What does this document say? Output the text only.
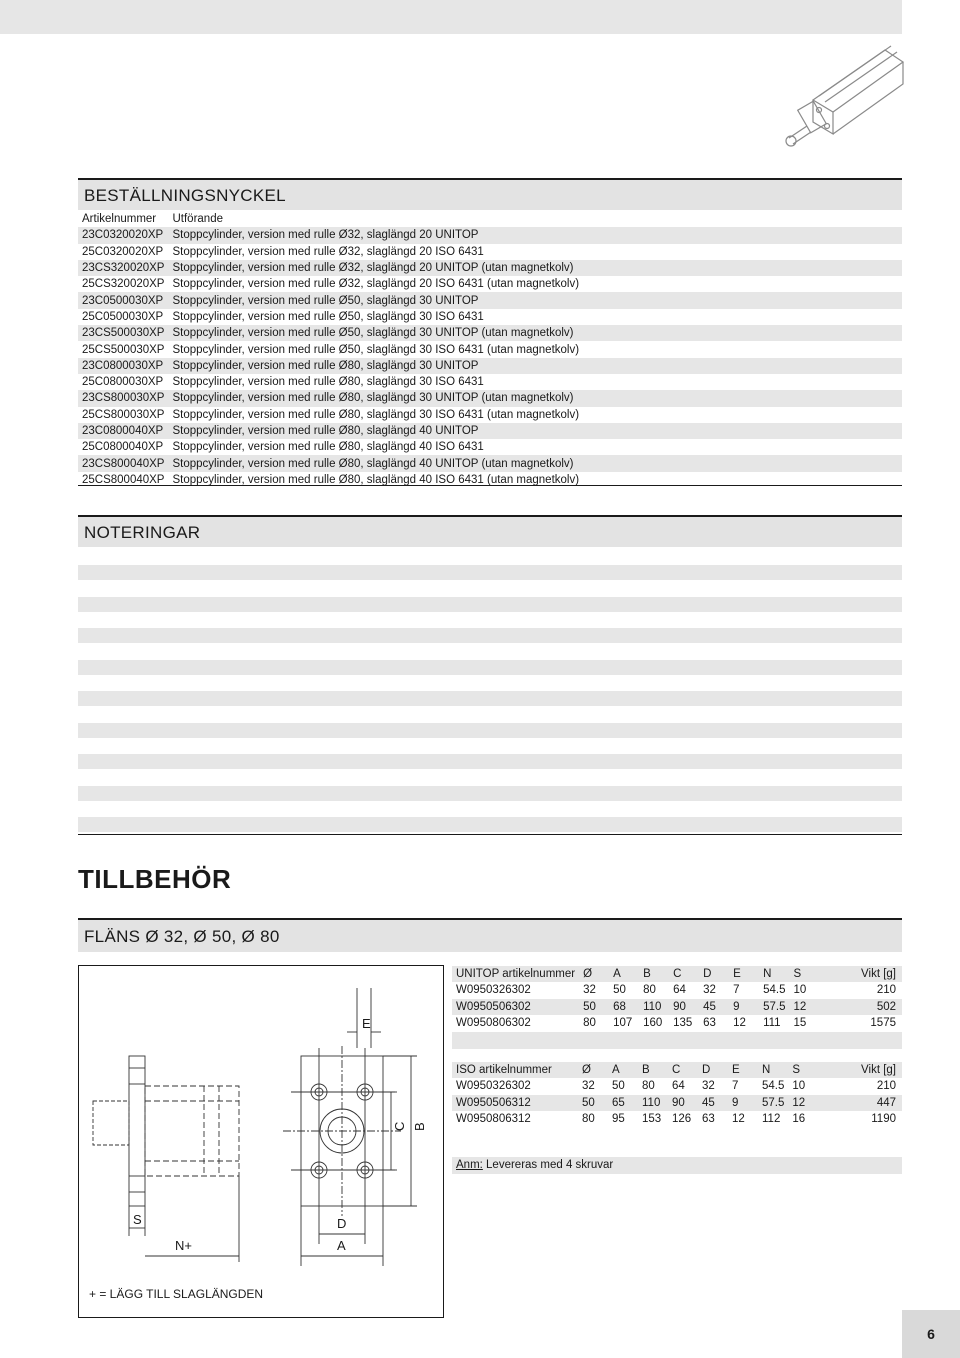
BESTÄLLNINGSNYCKEL
Artikelnummer	Utförande
23C0320020XP	Stoppcylinder, version med rulle Ø32, slaglängd 20 UNITOP
25C0320020XP	Stoppcylinder, version med rulle Ø32, slaglängd 20 ISO 6431
23CS320020XP	Stoppcylinder, version med rulle Ø32, slaglängd 20 UNITOP (utan magnetkolv)
25CS320020XP	Stoppcylinder, version med rulle Ø32, slaglängd 20 ISO 6431 (utan magnetkolv)
23C0500030XP	Stoppcylinder, version med rulle Ø50, slaglängd 30 UNITOP
25C0500030XP	Stoppcylinder, version med rulle Ø50, slaglängd 30 ISO 6431
23CS500030XP	Stoppcylinder, version med rulle Ø50, slaglängd 30 UNITOP (utan magnetkolv)
25CS500030XP	Stoppcylinder, version med rulle Ø50, slaglängd 30 ISO 6431 (utan magnetkolv)
23C0800030XP	Stoppcylinder, version med rulle Ø80, slaglängd 30 UNITOP
25C0800030XP	Stoppcylinder, version med rulle Ø80, slaglängd 30 ISO 6431
23CS800030XP	Stoppcylinder, version med rulle Ø80, slaglängd 30 UNITOP (utan magnetkolv)
25CS800030XP	Stoppcylinder, version med rulle Ø80, slaglängd 30 ISO 6431 (utan magnetkolv)
23C0800040XP	Stoppcylinder, version med rulle Ø80, slaglängd 40 UNITOP
25C0800040XP	Stoppcylinder, version med rulle Ø80, slaglängd 40 ISO 6431
23CS800040XP	Stoppcylinder, version med rulle Ø80, slaglängd 40 UNITOP (utan magnetkolv)
25CS800040XP	Stoppcylinder, version med rulle Ø80, slaglängd 40 ISO 6431 (utan magnetkolv)
NOTERINGAR
TILLBEHÖR
FLÄNS Ø 32, Ø 50, Ø 80
E
C B
S
N+
D
A
+ = LÄGG TILL SLAGLÄNGDEN
UNITOP artikelnummer	Ø	A	B	C	D	E	N	S	Vikt [g]
W0950326302	32	50	80	64	32	7	54.5	10	210
W0950506302	50	68	110	90	45	9	57.5	12	502
W0950806302	80	107	160	135	63	12	111	15	1575
ISO artikelnummer	Ø	A	B	C	D	E	N	S	Vikt [g]
W0950326302	32	50	80	64	32	7	54.5	10	210
W0950506312	50	65	110	90	45	9	57.5	12	447
W0950806312	80	95	153	126	63	12	112	16	1190
Anm: Levereras med 4 skruvar
6
